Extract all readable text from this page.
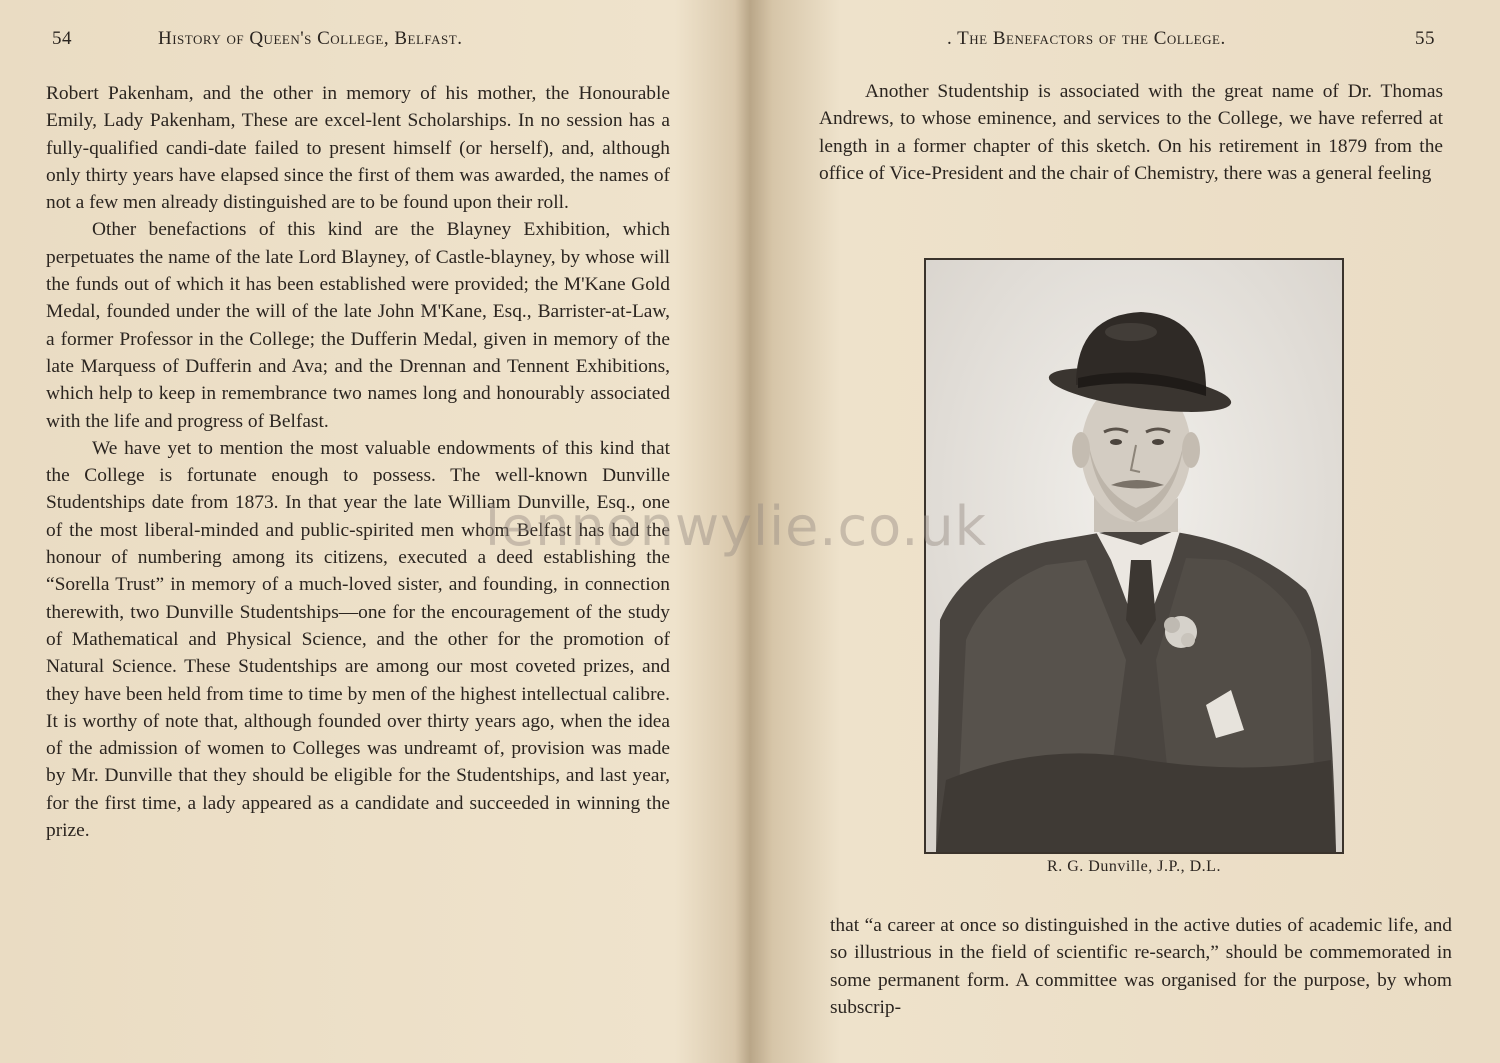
54	History of Queen's College, Belfast.

Robert Pakenham, and the other in memory of his mother, the Honourable Emily, Lady Pakenham, These are excel-lent Scholarships. In no session has a fully-qualified candi-date failed to present himself (or herself), and, although only thirty years have elapsed since the first of them was awarded, the names of not a few men already distinguished are to be found upon their roll.

Other benefactions of this kind are the Blayney Exhibition, which perpetuates the name of the late Lord Blayney, of Castle-blayney, by whose will the funds out of which it has been established were provided; the M'Kane Gold Medal, founded under the will of the late John M'Kane, Esq., Barrister-at-Law, a former Professor in the College; the Dufferin Medal, given in memory of the late Marquess of Dufferin and Ava; and the Drennan and Tennent Exhibitions, which help to keep in remembrance two names long and honourably associated with the life and progress of Belfast.

We have yet to mention the most valuable endowments of this kind that the College is fortunate enough to possess. The well-known Dunville Studentships date from 1873. In that year the late William Dunville, Esq., one of the most liberal-minded and public-spirited men whom Belfast has had the honour of numbering among its citizens, executed a deed establishing the “Sorella Trust” in memory of a much-loved sister, and founding, in connection therewith, two Dunville Studentships—one for the encouragement of the study of Mathematical and Physical Science, and the other for the promotion of Natural Science. These Studentships are among our most coveted prizes, and they have been held from time to time by men of the highest intellectual calibre. It is worthy of note that, although founded over thirty years ago, when the idea of the admission of women to Colleges was undreamt of, provision was made by Mr. Dunville that they should be eligible for the Studentships, and last year, for the first time, a lady appeared as a candidate and succeeded in winning the prize.

. The Benefactors of the College.	55

Another Studentship is associated with the great name of Dr. Thomas Andrews, to whose eminence, and services to the College, we have referred at length in a former chapter of this sketch. On his retirement in 1879 from the office of Vice-President and the chair of Chemistry, there was a general feeling

R. G. Dunville, J.P., D.L.

that “a career at once so distinguished in the active duties of academic life, and so illustrious in the field of scientific re-search,” should be commemorated in some permanent form. A committee was organised for the purpose, by whom subscrip-

lennonwylie.co.uk
